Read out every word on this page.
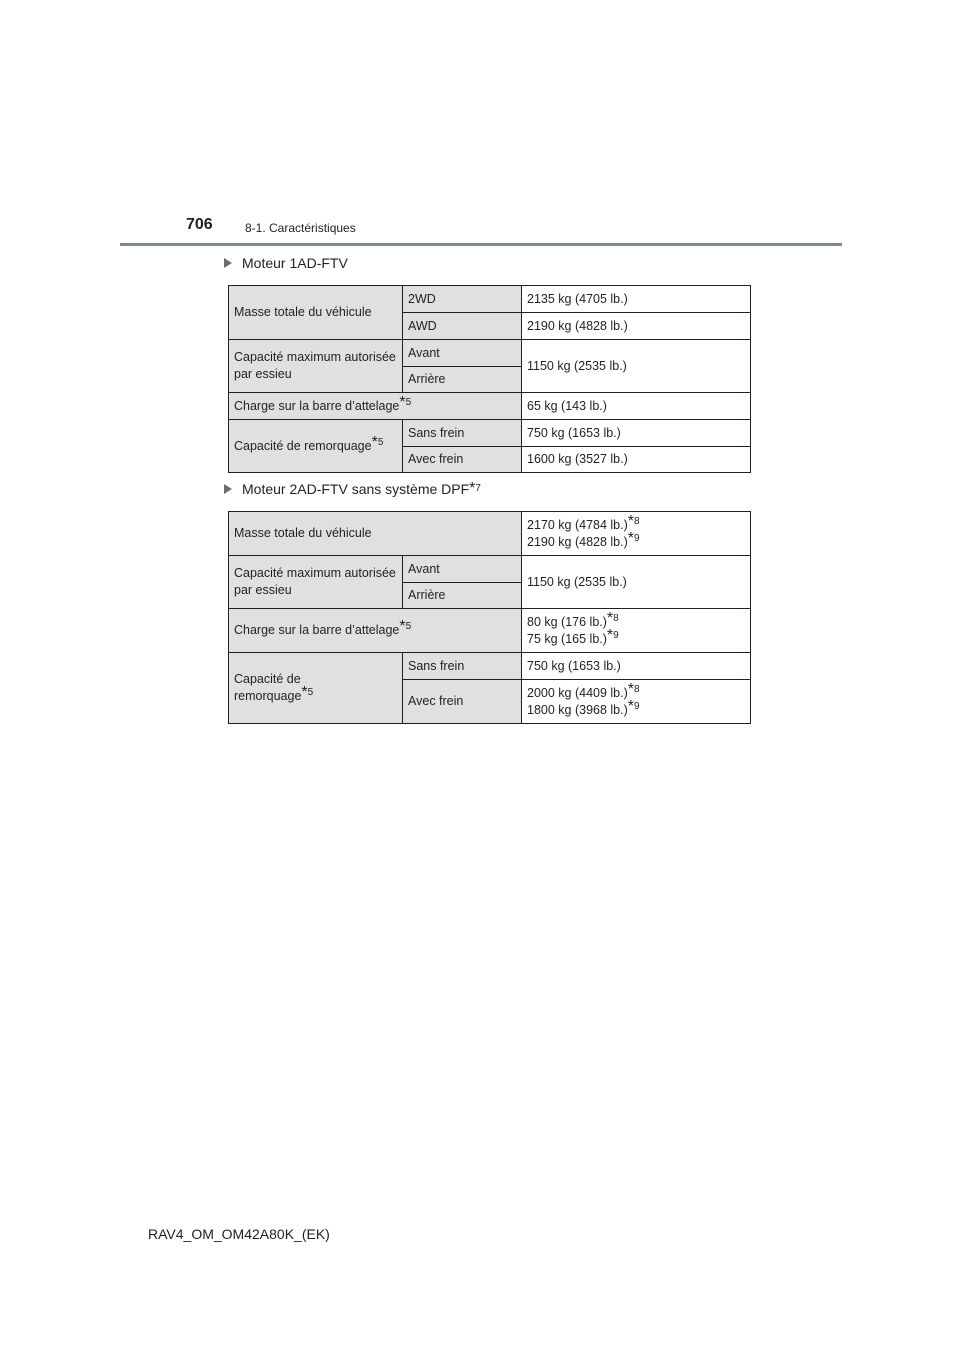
706	8-1. Caractéristiques
Moteur 1AD-FTV
Masse totale du véhicule	2WD	2135 kg (4705 lb.)
	AWD	2190 kg (4828 lb.)
Capacité maximum autorisée par essieu	Avant	1150 kg (2535 lb.)
	Arrière	
Charge sur la barre d’attelage$^{*5}$		65 kg (143 lb.)
Capacité de remorquage$^{*5}$	Sans frein	750 kg (1653 lb.)
	Avec frein	1600 kg (3527 lb.)
Moteur 2AD-FTV sans système DPF * 7
Masse totale du véhicule		2170 kg (4784 lb.)$^{*8}$
2190 kg (4828 lb.)$^{*9}$

Capacité maximum autorisée par essieu	Avant	1150 kg (2535 lb.)
	Arrière	
Charge sur la barre d’attelage$^{*5}$		80 kg (176 lb.)$^{*8}$
75 kg (165 lb.)$^{*9}$

Capacité de
remorquage$^{*5}$	Sans frein	750 kg (1653 lb.)
	Avec frein	2000 kg (4409 lb.)$^{*8}$
1800 kg (3968 lb.)$^{*9}$
RAV4_OM_OM42A80K_(EK)
